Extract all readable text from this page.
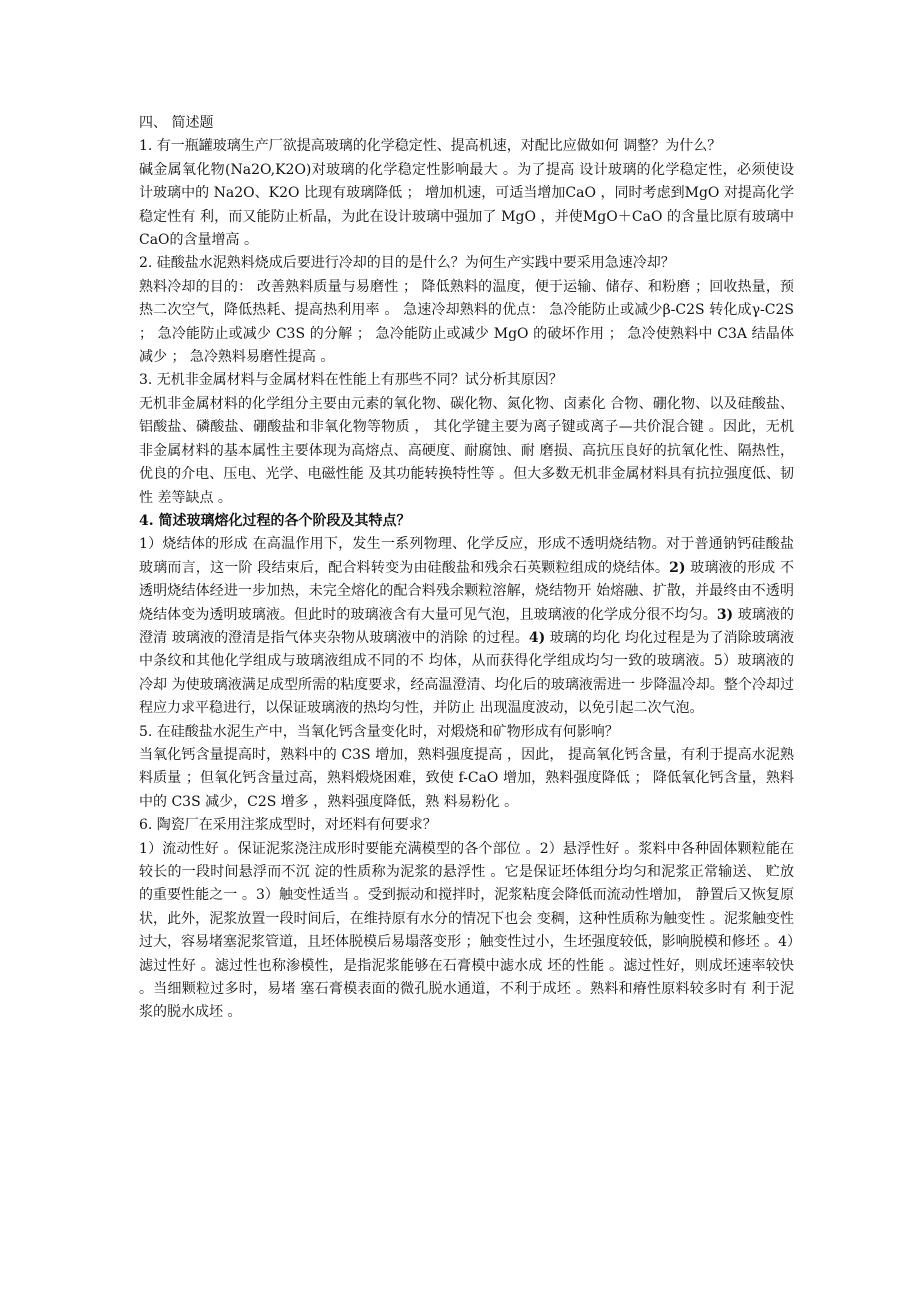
四、 简述题

1. 有一瓶罐玻璃生产厂欲提高玻璃的化学稳定性、提高机速，对配比应做如何 调整？为什么？

碱金属氧化物(Na2O,K2O)对玻璃的化学稳定性影响最大 。为了提高 设计玻璃的化学稳定性，必须使设计玻璃中的 Na2O、K2O 比现有玻璃降低 ； 增加机速，可适当增加CaO ，同时考虑到MgO 对提高化学稳定性有 利，而又能防止析晶，为此在设计玻璃中强加了 MgO ，并使MgO＋CaO 的含量比原有玻璃中CaO的含量增高 。

2. 硅酸盐水泥熟料烧成后要进行冷却的目的是什么？为何生产实践中要采用急速冷却？

熟料冷却的目的： 改善熟料质量与易磨性 ； 降低熟料的温度，便于运输、储存、和粉磨 ；回收热量，预热二次空气，降低热耗、提高热利用率 。 急速冷却熟料的优点： 急冷能防止或减少β-C2S 转化成γ-C2S ； 急冷能防止或减少 C3S 的分解 ； 急冷能防止或减少 MgO 的破坏作用 ； 急冷使熟料中 C3A 结晶体减少 ； 急冷熟料易磨性提高 。

3. 无机非金属材料与金属材料在性能上有那些不同？试分析其原因？

无机非金属材料的化学组分主要由元素的氧化物、碳化物、氮化物、卤素化 合物、硼化物、以及硅酸盐、铝酸盐、磷酸盐、硼酸盐和非氧化物等物质 ， 其化学键主要为离子键或离子—共价混合键 。因此，无机非金属材料的基本属性主要体现为高熔点、高硬度、耐腐蚀、耐 磨损、高抗压良好的抗氧化性、隔热性，优良的介电、压电、光学、电磁性能 及其功能转换特性等 。但大多数无机非金属材料具有抗拉强度低、韧性 差等缺点 。

4. 简述玻璃熔化过程的各个阶段及其特点？

1）烧结体的形成 在高温作用下，发生一系列物理、化学反应，形成不透明烧结物。对于普通钠钙硅酸盐玻璃而言，这一阶 段结束后，配合料转变为由硅酸盐和残余石英颗粒组成的烧结体。2) 玻璃液的形成 不透明烧结体经进一步加热，未完全熔化的配合料残余颗粒溶解，烧结物开 始熔融、扩散，并最终由不透明烧结体变为透明玻璃液。但此时的玻璃液含有大量可见气泡，且玻璃液的化学成分很不均匀。3) 玻璃液的澄清 玻璃液的澄清是指气体夹杂物从玻璃液中的消除 的过程。4) 玻璃的均化 均化过程是为了消除玻璃液中条纹和其他化学组成与玻璃液组成不同的不 均体，从而获得化学组成均匀一致的玻璃液。5）玻璃液的冷却 为使玻璃液满足成型所需的粘度要求，经高温澄清、均化后的玻璃液需进一 步降温冷却。整个冷却过程应力求平稳进行，以保证玻璃液的热均匀性，并防止 出现温度波动，以免引起二次气泡。

5. 在硅酸盐水泥生产中，当氧化钙含量变化时，对煅烧和矿物形成有何影响？

当氧化钙含量提高时，熟料中的 C3S 增加，熟料强度提高 ，因此， 提高氧化钙含量，有利于提高水泥熟料质量 ；但氧化钙含量过高，熟料煅烧困难，致使 f-CaO 增加，熟料强度降低 ； 降低氧化钙含量，熟料中的 C3S 减少，C2S 增多 ，熟料强度降低，熟 料易粉化 。

6. 陶瓷厂在采用注浆成型时，对坯料有何要求？

1）流动性好 。保证泥浆浇注成形时要能充满模型的各个部位 。2）悬浮性好 。浆料中各种固体颗粒能在较长的一段时间悬浮而不沉 淀的性质称为泥浆的悬浮性 。它是保证坯体组分均匀和泥浆正常输送、 贮放的重要性能之一 。3）触变性适当 。受到振动和搅拌时，泥浆粘度会降低而流动性增加， 静置后又恢复原状，此外，泥浆放置一段时间后，在维持原有水分的情况下也会 变稠，这种性质称为触变性 。泥浆触变性过大，容易堵塞泥浆管道，且坯体脱模后易塌落变形 ；触变性过小，生坯强度较低，影响脱模和修坯 。4）滤过性好 。滤过性也称渗模性，是指泥浆能够在石膏模中滤水成 坯的性能 。滤过性好，则成坯速率较快 。当细颗粒过多时，易堵 塞石膏模表面的微孔脱水通道，不利于成坯 。熟料和瘠性原料较多时有 利于泥浆的脱水成坯 。
